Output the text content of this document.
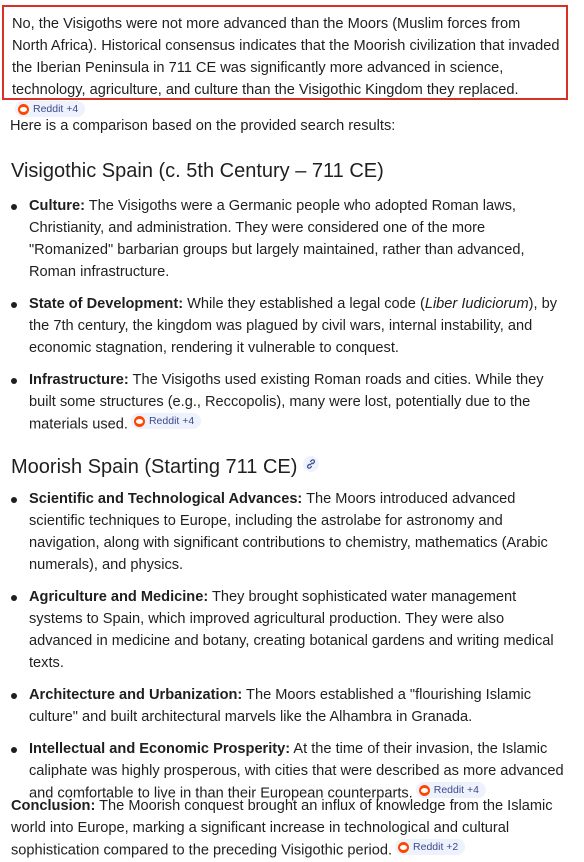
No, the Visigoths were not more advanced than the Moors (Muslim forces from North Africa). Historical consensus indicates that the Moorish civilization that invaded the Iberian Peninsula in 711 CE was significantly more advanced in science, technology, agriculture, and culture than the Visigothic Kingdom they replaced.
Reddit +4

Here is a comparison based on the provided search results:

Visigothic Spain (c. 5th Century – 711 CE)
Culture: The Visigoths were a Germanic people who adopted Roman laws, Christianity, and administration. They were considered one of the more "Romanized" barbarian groups but largely maintained, rather than advanced, Roman infrastructure.
State of Development: While they established a legal code (Liber Iudiciorum), by the 7th century, the kingdom was plagued by civil wars, internal instability, and economic stagnation, rendering it vulnerable to conquest.
Infrastructure: The Visigoths used existing Roman roads and cities. While they built some structures (e.g., Reccopolis), many were lost, potentially due to the materials used. Reddit +4
Moorish Spain (Starting 711 CE)
Scientific and Technological Advances: The Moors introduced advanced scientific techniques to Europe, including the astrolabe for astronomy and navigation, along with significant contributions to chemistry, mathematics (Arabic numerals), and physics.
Agriculture and Medicine: They brought sophisticated water management systems to Spain, which improved agricultural production. They were also advanced in medicine and botany, creating botanical gardens and writing medical texts.
Architecture and Urbanization: The Moors established a "flourishing Islamic culture" and built architectural marvels like the Alhambra in Granada.
Intellectual and Economic Prosperity: At the time of their invasion, the Islamic caliphate was highly prosperous, with cities that were described as more advanced and comfortable to live in than their European counterparts. Reddit +4

Conclusion: The Moorish conquest brought an influx of knowledge from the Islamic world into Europe, marking a significant increase in technological and cultural sophistication compared to the preceding Visigothic period. Reddit +2
